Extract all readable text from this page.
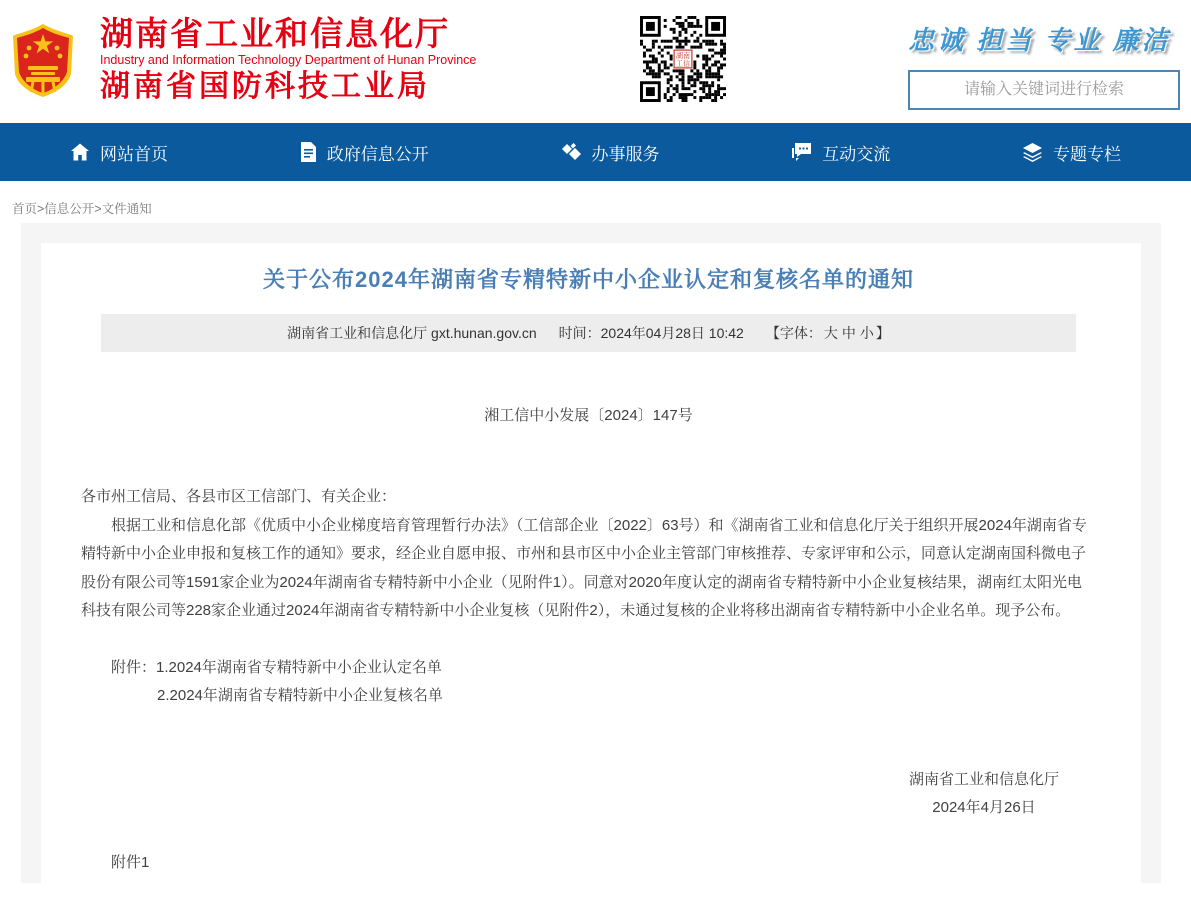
湖南省工业和信息化厅
Industry and Information Technology Department of Hunan Province
湖南省国防科技工业局
湖南
工信
忠诚 担当 专业 廉洁
请输入关键词进行检索
网站首页	政府信息公开	办事服务	互动交流	专题专栏
首页>信息公开>文件通知
关于公布2024年湖南省专精特新中小企业认定和复核名单的通知
湖南省工业和信息化厅 gxt.hunan.gov.cn 时间： 2024年04月28日 10:42 【字体： 大 中 小 】
湘工信中小发展〔2024〕147号
各市州工信局、各县市区工信部门、有关企业：
根据工业和信息化部《优质中小企业梯度培育管理暂行办法》（工信部企业〔2022〕63号）和《湖南省工业和信息化厅关于组织开展2024年湖南省专精特新中小企业申报和复核工作的通知》要求，经企业自愿申报、市州和县市区中小企业主管部门审核推荐、专家评审和公示，同意认定湖南国科微电子股份有限公司等1591家企业为2024年湖南省专精特新中小企业（见附件1）。同意对2020年度认定的湖南省专精特新中小企业复核结果，湖南红太阳光电科技有限公司等228家企业通过2024年湖南省专精特新中小企业复核（见附件2），未通过复核的企业将移出湖南省专精特新中小企业名单。现予公布。
附件：1.2024年湖南省专精特新中小企业认定名单
2.2024年湖南省专精特新中小企业复核名单
湖南省工业和信息化厅
2024年4月26日
附件1
